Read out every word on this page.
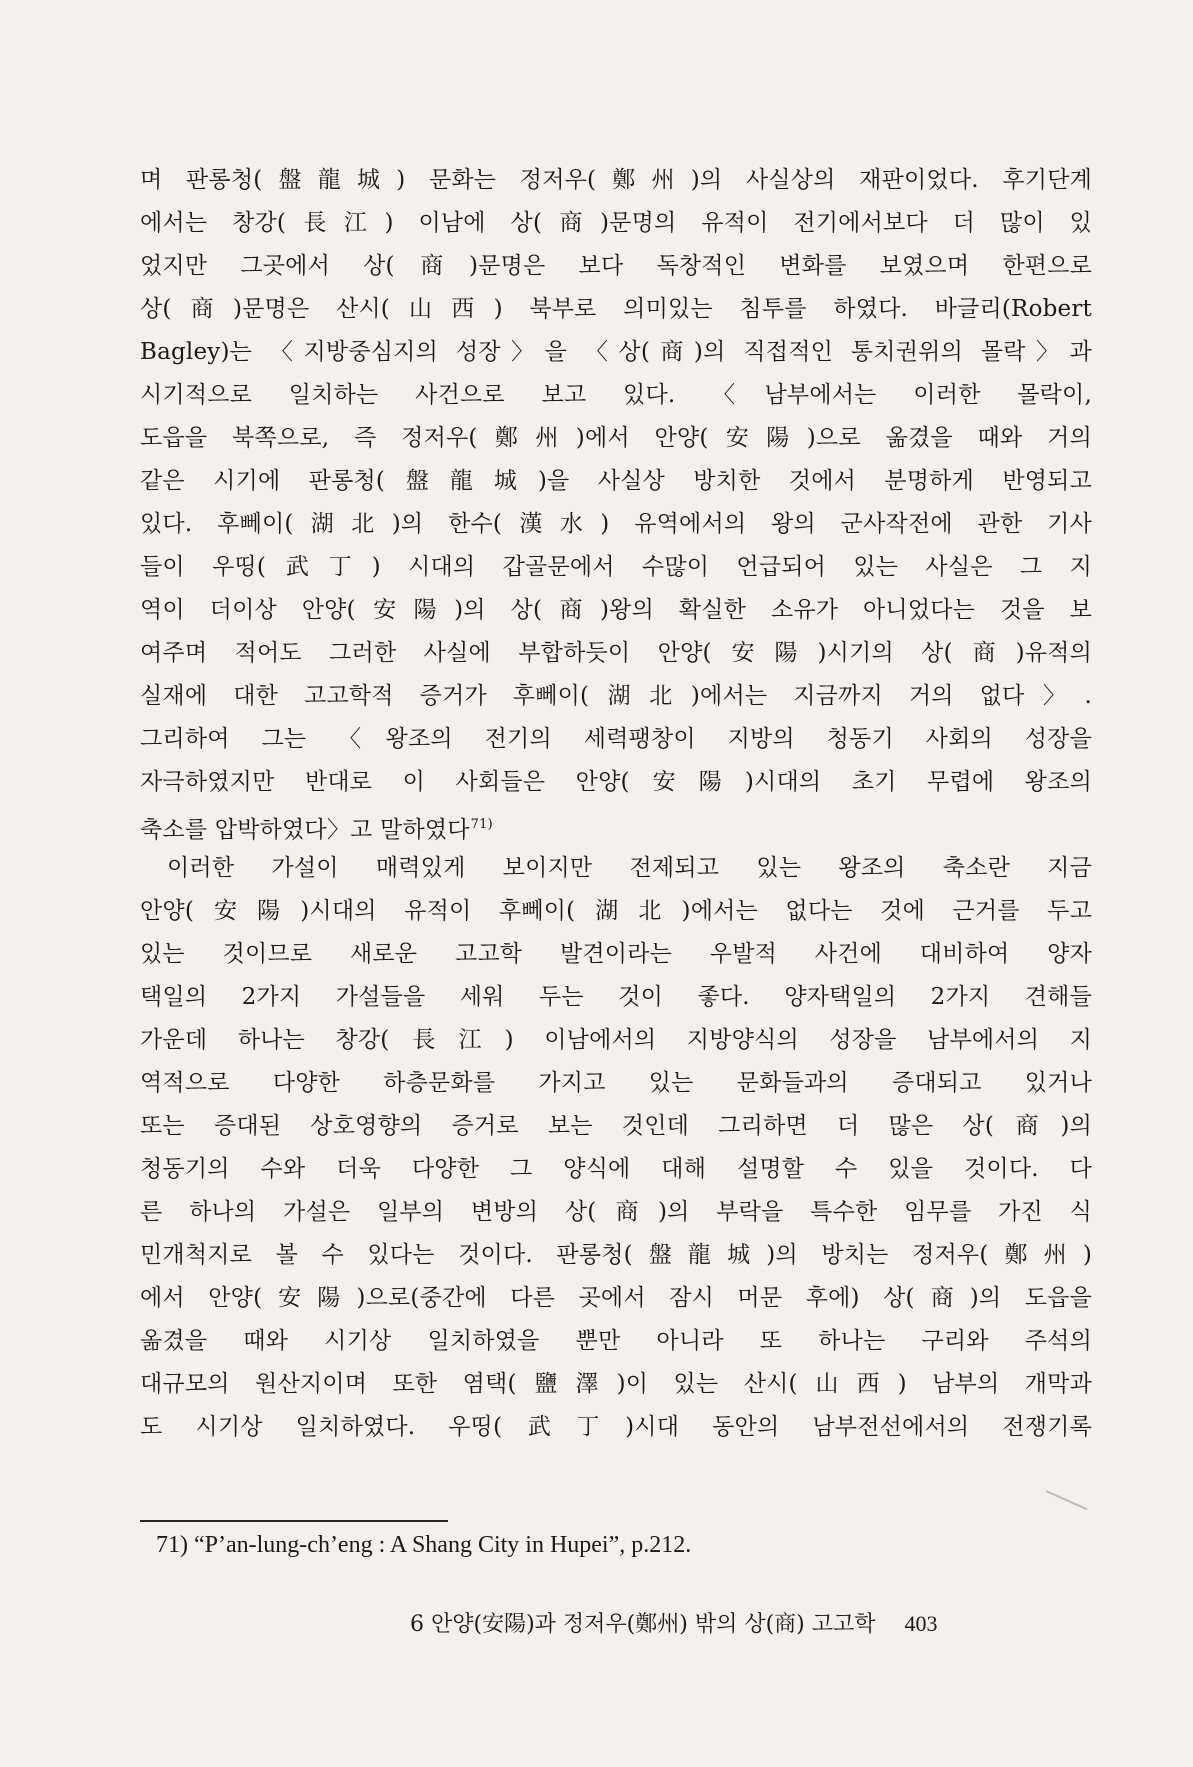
며 판롱청(盤龍城) 문화는 정저우(鄭州)의 사실상의 재판이었다. 후기단계
에서는 창강(長江) 이남에 상(商)문명의 유적이 전기에서보다 더 많이 있
었지만 그곳에서 상(商)문명은 보다 독창적인 변화를 보였으며 한편으로
상(商)문명은 산시(山西) 북부로 의미있는 침투를 하였다. 바글리(Robert
Bagley)는 〈지방중심지의 성장〉을 〈상(商)의 직접적인 통치권위의 몰락〉과
시기적으로 일치하는 사건으로 보고 있다. 〈남부에서는 이러한 몰락이,
도읍을 북쪽으로, 즉 정저우(鄭州)에서 안양(安陽)으로 옮겼을 때와 거의
같은 시기에 판롱청(盤龍城)을 사실상 방치한 것에서 분명하게 반영되고
있다. 후뻬이(湖北)의 한수(漢水) 유역에서의 왕의 군사작전에 관한 기사
들이 우띵(武丁) 시대의 갑골문에서 수많이 언급되어 있는 사실은 그 지
역이 더이상 안양(安陽)의 상(商)왕의 확실한 소유가 아니었다는 것을 보
여주며 적어도 그러한 사실에 부합하듯이 안양(安陽)시기의 상(商)유적의
실재에 대한 고고학적 증거가 후뻬이(湖北)에서는 지금까지 거의 없다〉.
그리하여 그는 〈왕조의 전기의 세력팽창이 지방의 청동기 사회의 성장을
자극하였지만 반대로 이 사회들은 안양(安陽)시대의 초기 무렵에 왕조의
축소를 압박하였다〉고 말하였다$^{71)}$
이러한 가설이 매력있게 보이지만 전제되고 있는 왕조의 축소란 지금
안양(安陽)시대의 유적이 후뻬이(湖北)에서는 없다는 것에 근거를 두고
있는 것이므로 새로운 고고학 발견이라는 우발적 사건에 대비하여 양자
택일의 2가지 가설들을 세워 두는 것이 좋다. 양자택일의 2가지 견해들
가운데 하나는 창강(長江) 이남에서의 지방양식의 성장을 남부에서의 지
역적으로 다양한 하층문화를 가지고 있는 문화들과의 증대되고 있거나
또는 증대된 상호영향의 증거로 보는 것인데 그리하면 더 많은 상(商)의
청동기의 수와 더욱 다양한 그 양식에 대해 설명할 수 있을 것이다. 다
른 하나의 가설은 일부의 변방의 상(商)의 부락을 특수한 임무를 가진 식
민개척지로 볼 수 있다는 것이다. 판롱청(盤龍城)의 방치는 정저우(鄭州)
에서 안양(安陽)으로(중간에 다른 곳에서 잠시 머문 후에) 상(商)의 도읍을
옮겼을 때와 시기상 일치하였을 뿐만 아니라 또 하나는 구리와 주석의
대규모의 원산지이며 또한 염택(鹽澤)이 있는 산시(山西) 남부의 개막과
도 시기상 일치하였다. 우띵(武丁)시대 동안의 남부전선에서의 전쟁기록
71) “P’an-lung-ch’eng : A Shang City in Hupei”, p.212.
6 안양(安陽)과 정저우(鄭州) 밖의 상(商) 고고학 403
